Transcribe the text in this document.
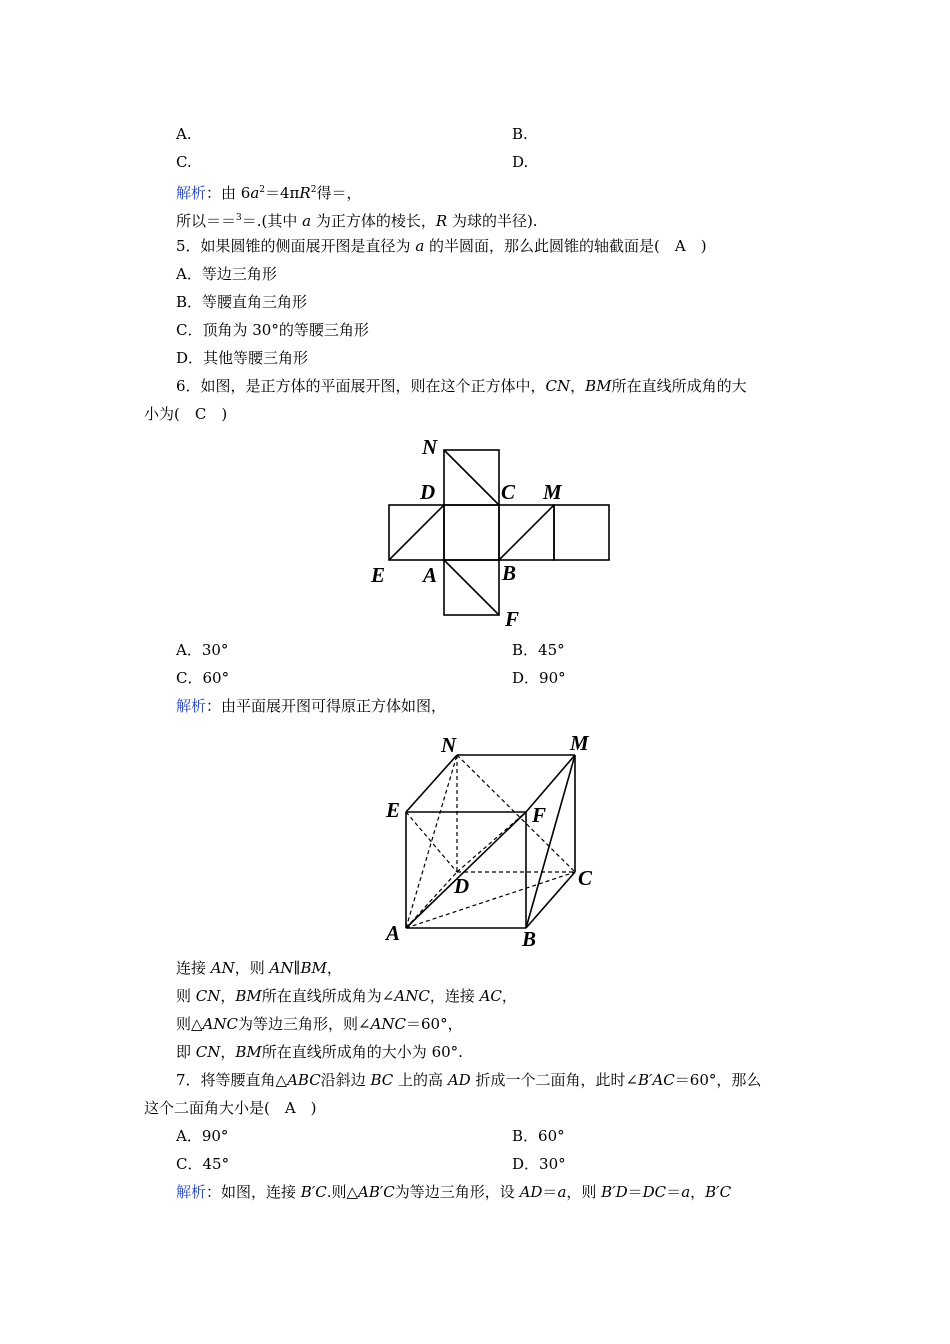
A.	B.
C.	D.
解析：由 $6a^2=4\pi R^2$得＝，
所以＝＝$^3$＝.(其中 a 为正方体的棱长，R 为球的半径).
5．如果圆锥的侧面展开图是直径为 a 的半圆面，那么此圆锥的轴截面是(　A　)
A．等边三角形
B．等腰直角三角形
C．顶角为 30°的等腰三角形
D．其他等腰三角形
6．如图，是正方体的平面展开图，则在这个正方体中，CN，BM所在直线所成角的大
小为(　C　)
N
D	C M
E A	B
F
A．30°	B．45°
C．60°	D．90°
解析：由平面展开图可得原正方体如图，
N	M
E	F
D	C
A	B
连接 AN，则 AN∥BM，
则 CN，BM所在直线所成角为∠ANC，连接 AC，
则△ANC为等边三角形，则∠ANC＝60°，
即 CN，BM所在直线所成角的大小为 60°.
7．将等腰直角△ABC沿斜边 BC 上的高 AD 折成一个二面角，此时∠B′AC＝60°，那么
这个二面角大小是(　A　)
A．90°	B．60°
C．45°	D．30°
解析：如图，连接 B′C.则△AB′C为等边三角形，设 AD＝a，则 B′D＝DC＝a，B′C
